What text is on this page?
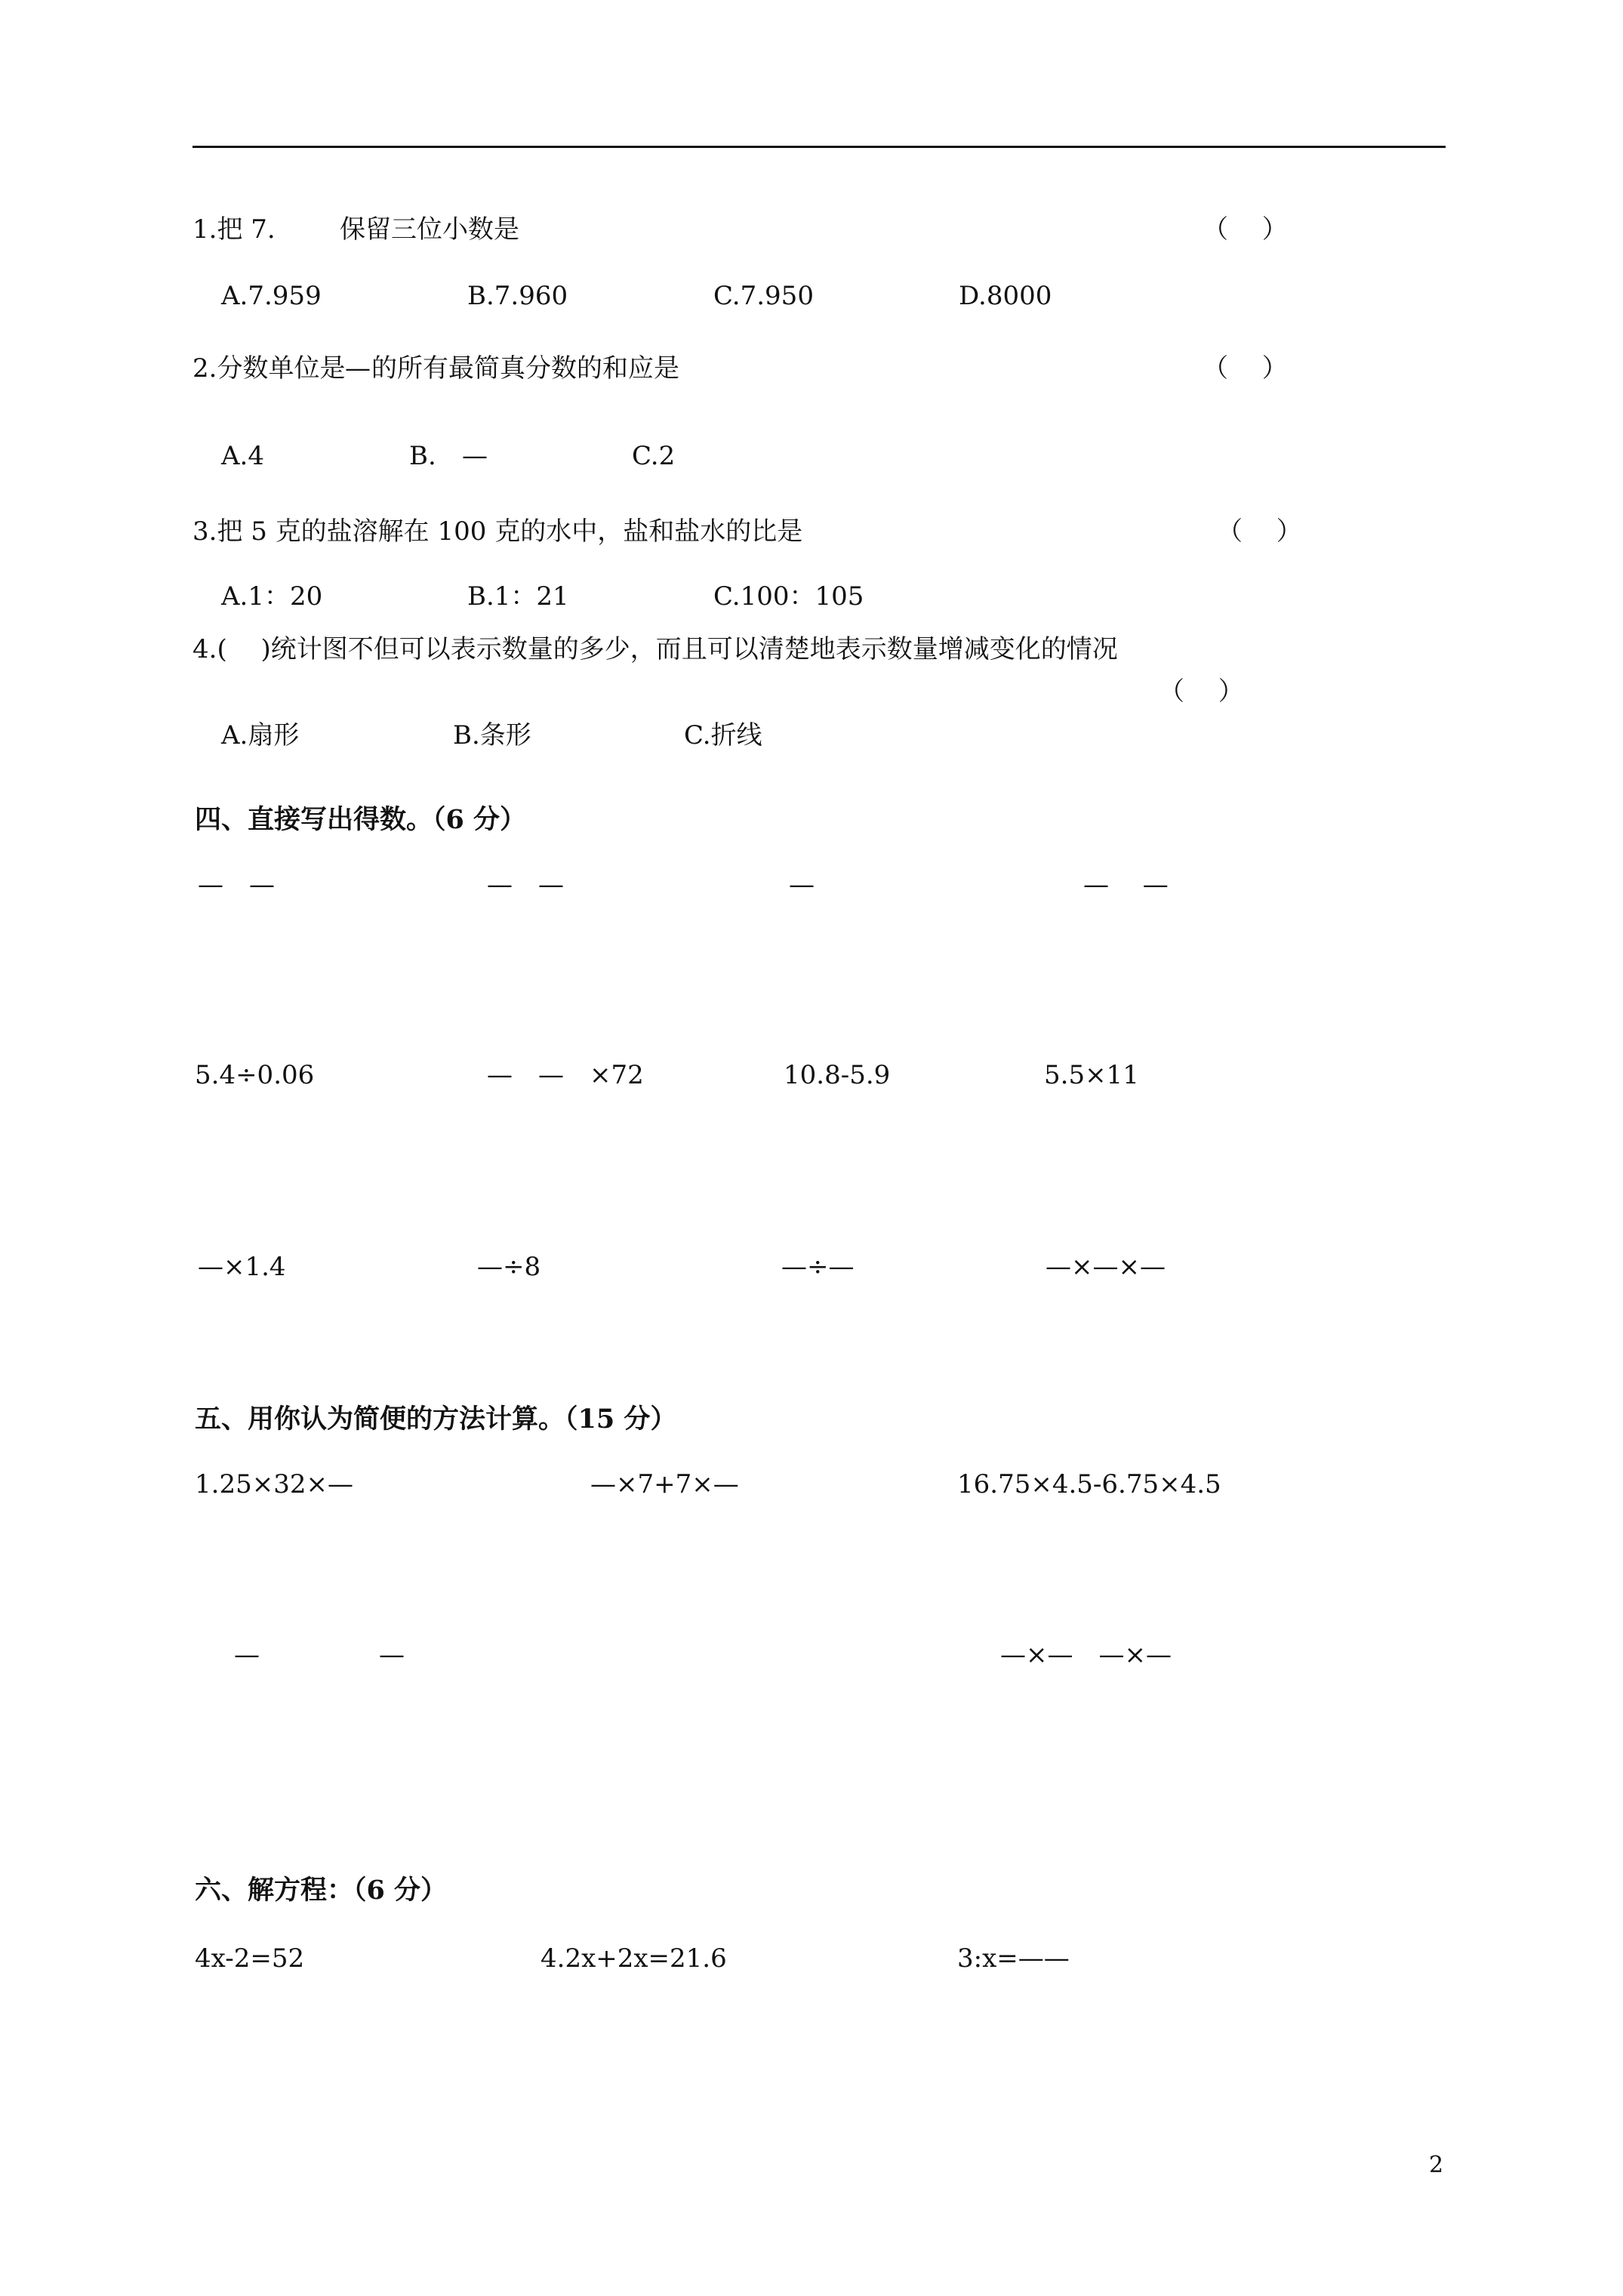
1.把 7.	保留三位小数是	（　 ）
A.7.959	B.7.960	C.7.950	D.8000
2.分数单位是 — 的所有最简真分数的和应是	（　 ）
A.4	B. —	C.2
3.把 5 克的盐溶解在 100 克的水中，盐和盐水的比是	（　 ）
A.1：20	B.1：21	C.100：105
4.(　 )统计图不但可以表示数量的多少，而且可以清楚地表示数量增减变化的情况
（　 ）
A.扇形	B.条形	C.折线
四、直接写出得数。（6 分）
—　—	—　—	—	—　 —
5.4÷0.06	—　—　×72	10.8-5.9	5.5×11
—×1.4	—÷8	—÷—	—×—×—
五、用你认为简便的方法计算。（15 分）
1.25×32×—	—×7+7×—	16.75×4.5-6.75×4.5
—	—	—×—　—×—
六、解方程：（6 分）
4x-2=52	4.2x+2x=21.6	3:x=——
2
